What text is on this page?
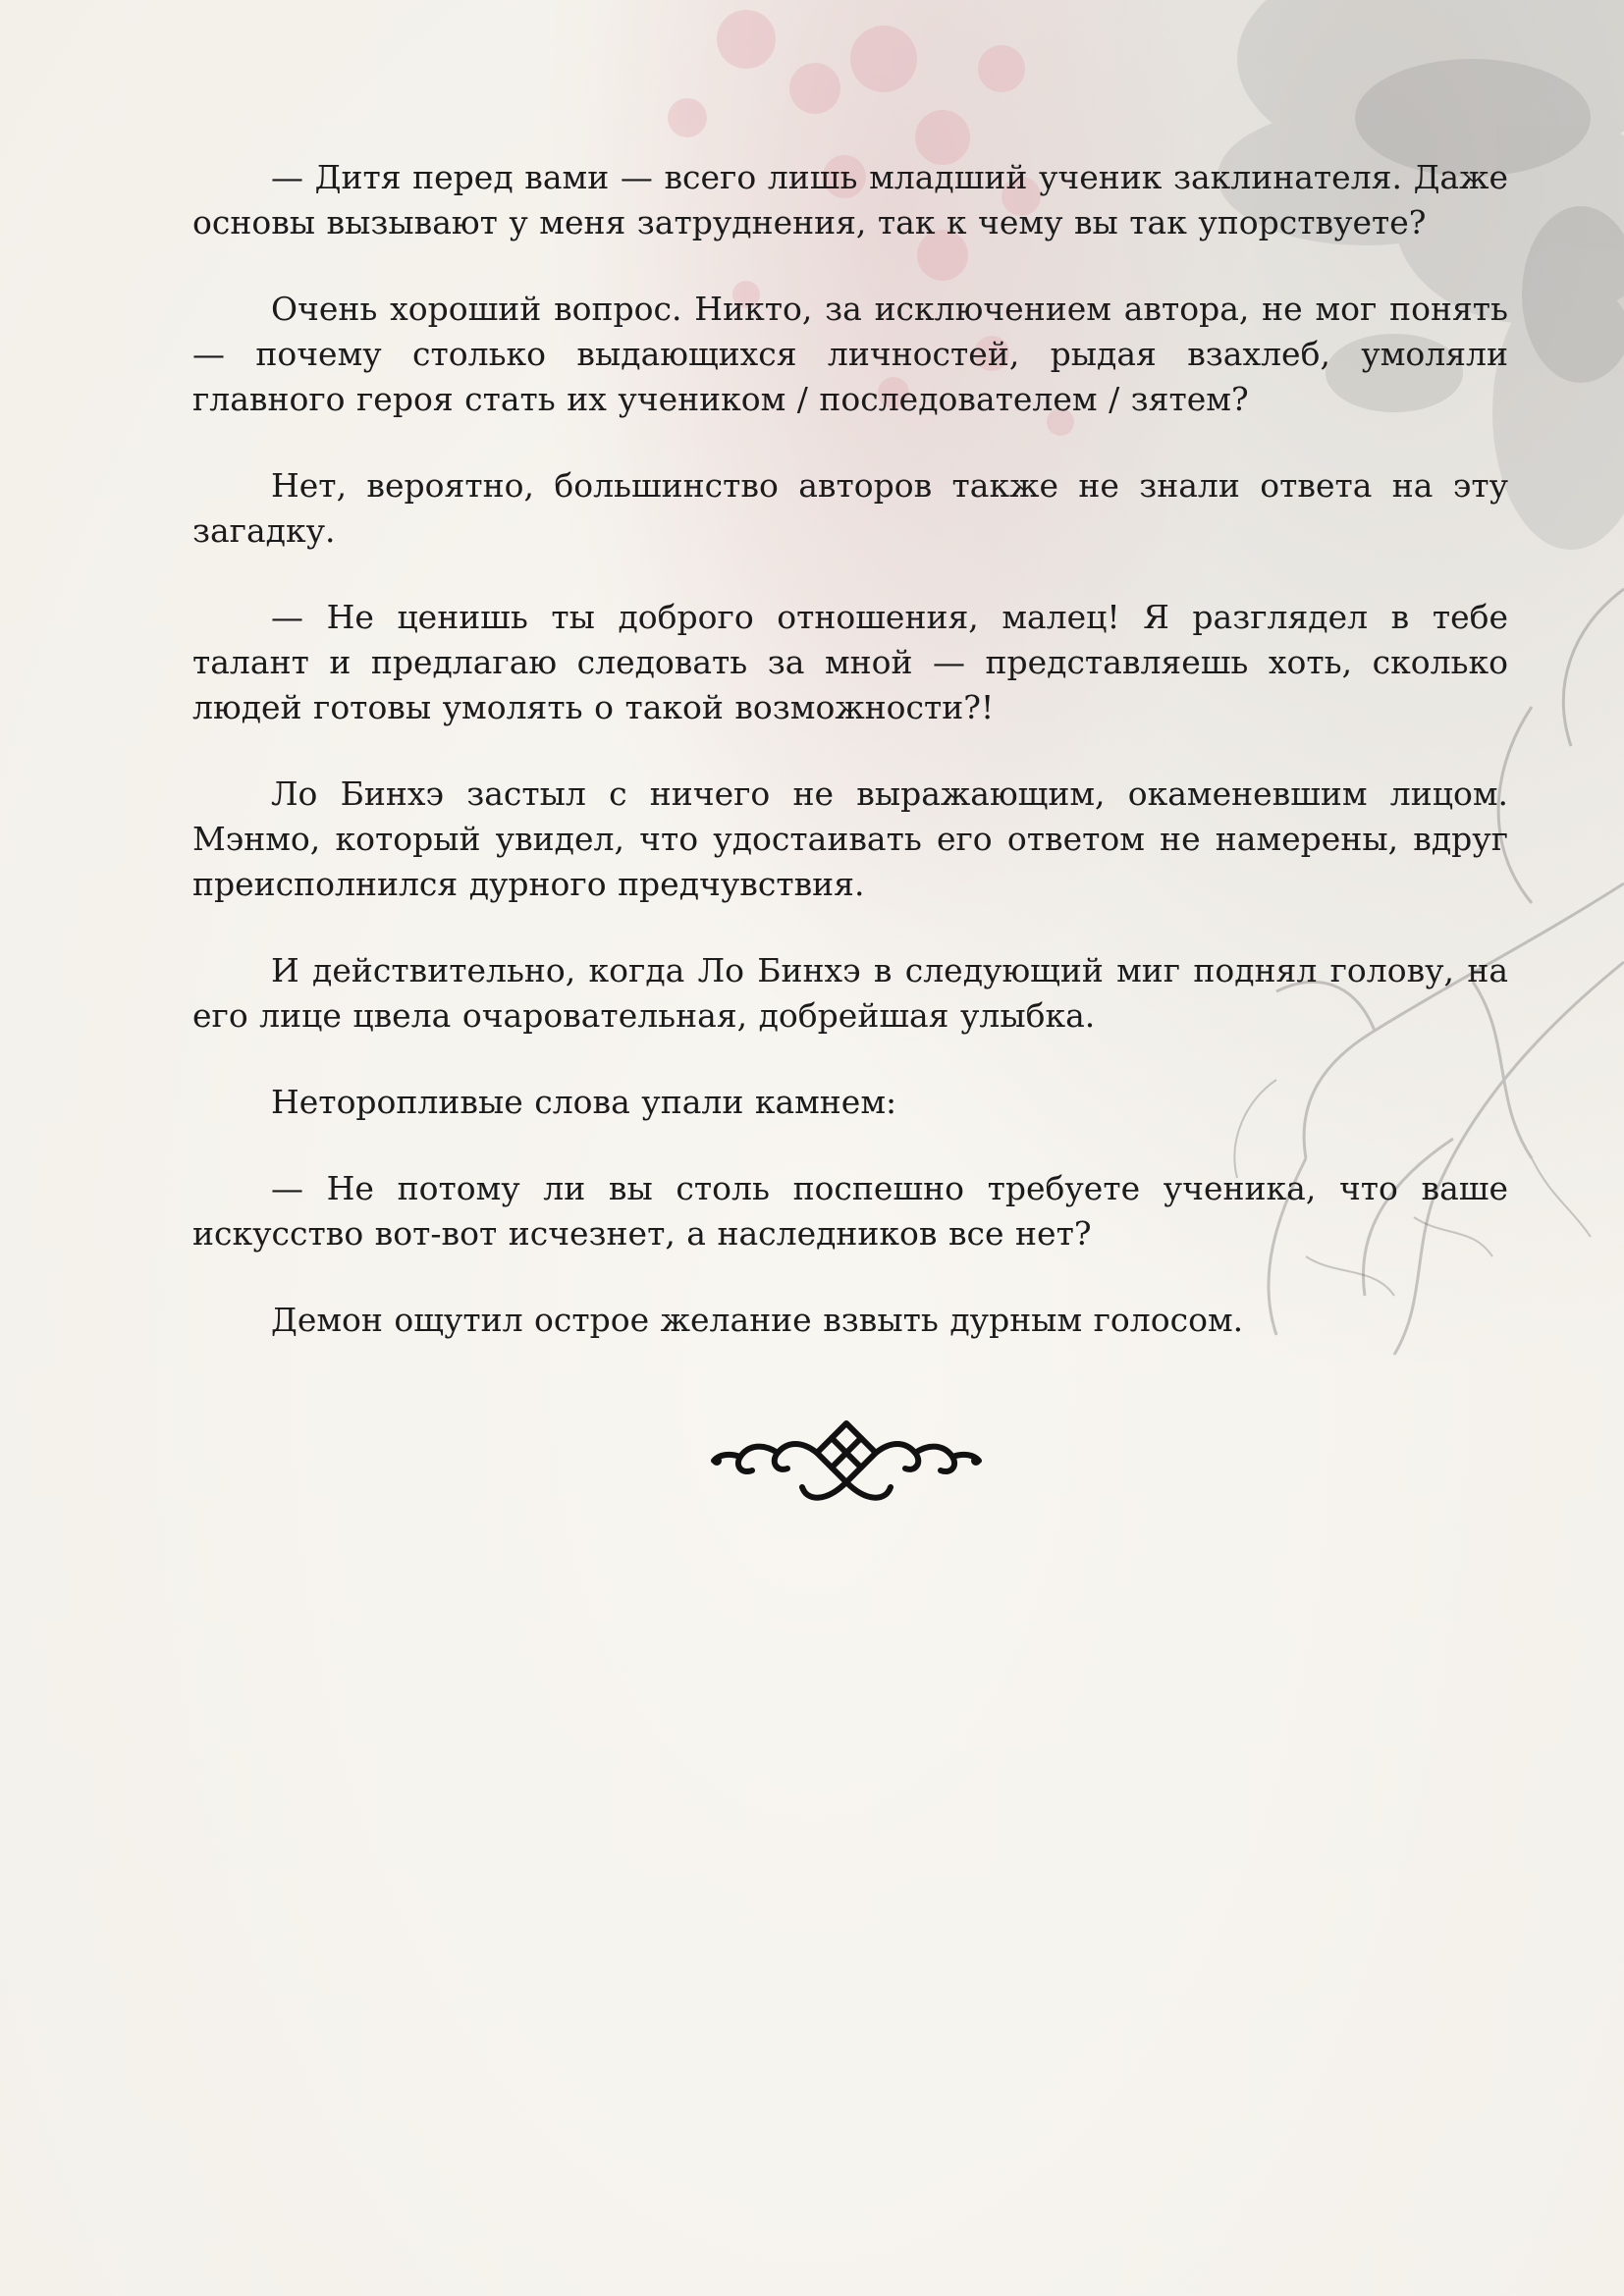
— Дитя перед вами — всего лишь младший ученик заклинателя. Даже основы вызывают у меня затруднения, так к чему вы так упорствуете?

Очень хороший вопрос. Никто, за исключением автора, не мог понять — почему столько выдающихся личностей, рыдая взахлеб, умоляли главного героя стать их учеником / последователем / зятем?

Нет, вероятно, большинство авторов также не знали ответа на эту загадку.

— Не ценишь ты доброго отношения, малец! Я разглядел в тебе талант и предлагаю следовать за мной — представляешь хоть, сколько людей готовы умолять о такой возможности?!

Ло Бинхэ застыл с ничего не выражающим, окаменевшим лицом. Мэнмо, который увидел, что удостаивать его ответом не намерены, вдруг преисполнился дурного предчувствия.

И действительно, когда Ло Бинхэ в следующий миг поднял голову, на его лице цвела очаровательная, добрейшая улыбка.

Неторопливые слова упали камнем:

— Не потому ли вы столь поспешно требуете ученика, что ваше искусство вот-вот исчезнет, а наследников все нет?

Демон ощутил острое желание взвыть дурным голосом.
